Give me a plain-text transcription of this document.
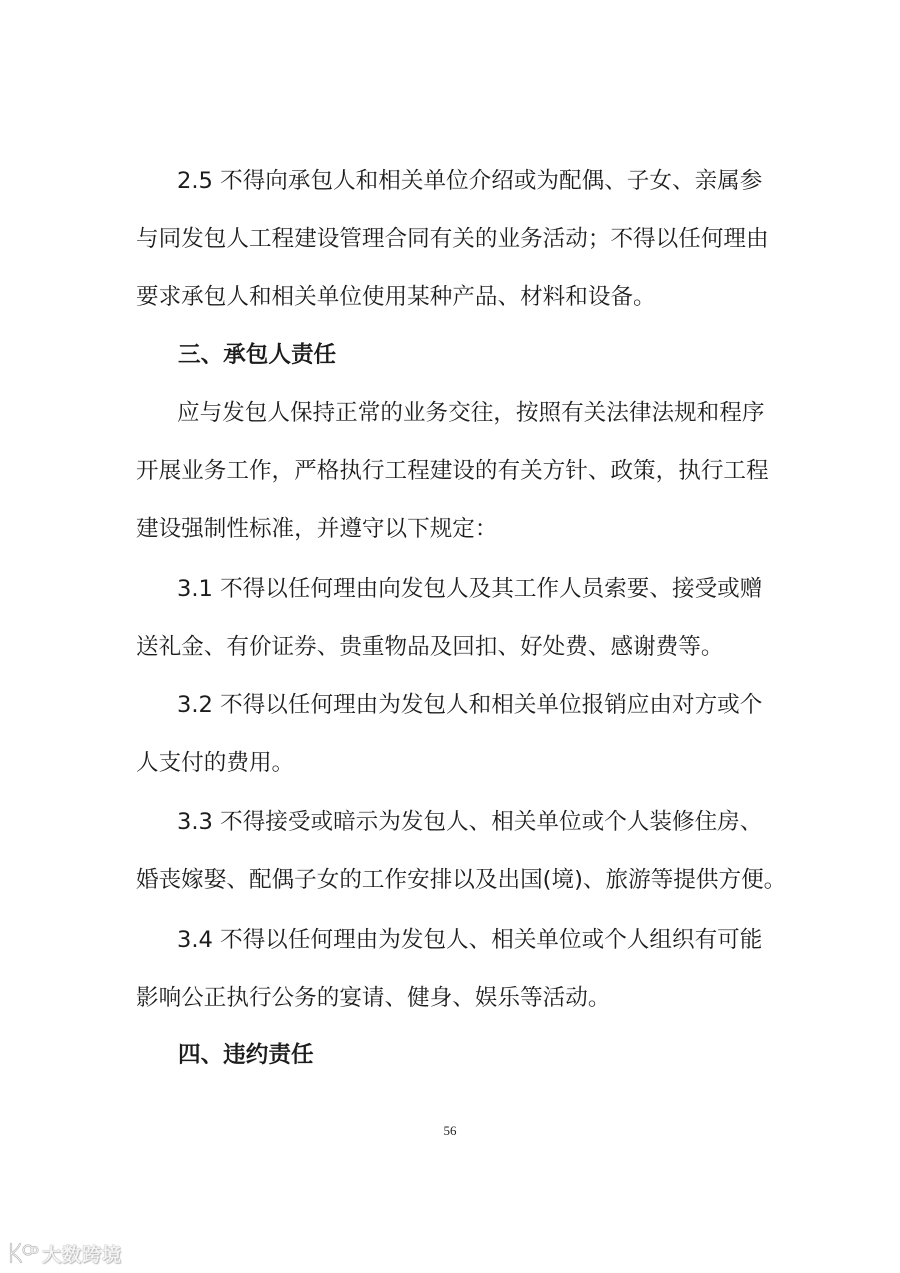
2.5 不得向承包人和相关单位介绍或为配偶、子女、亲属参
与同发包人工程建设管理合同有关的业务活动；不得以任何理由
要求承包人和相关单位使用某种产品、材料和设备。
三、承包人责任
应与发包人保持正常的业务交往，按照有关法律法规和程序
开展业务工作，严格执行工程建设的有关方针、政策，执行工程
建设强制性标准，并遵守以下规定：
3.1 不得以任何理由向发包人及其工作人员索要、接受或赠
送礼金、有价证券、贵重物品及回扣、好处费、感谢费等。
3.2 不得以任何理由为发包人和相关单位报销应由对方或个
人支付的费用。
3.3 不得接受或暗示为发包人、相关单位或个人装修住房、
婚丧嫁娶、配偶子女的工作安排以及出国(境)、旅游等提供方便。
3.4 不得以任何理由为发包人、相关单位或个人组织有可能
影响公正执行公务的宴请、健身、娱乐等活动。
四、违约责任
56
大数跨境
